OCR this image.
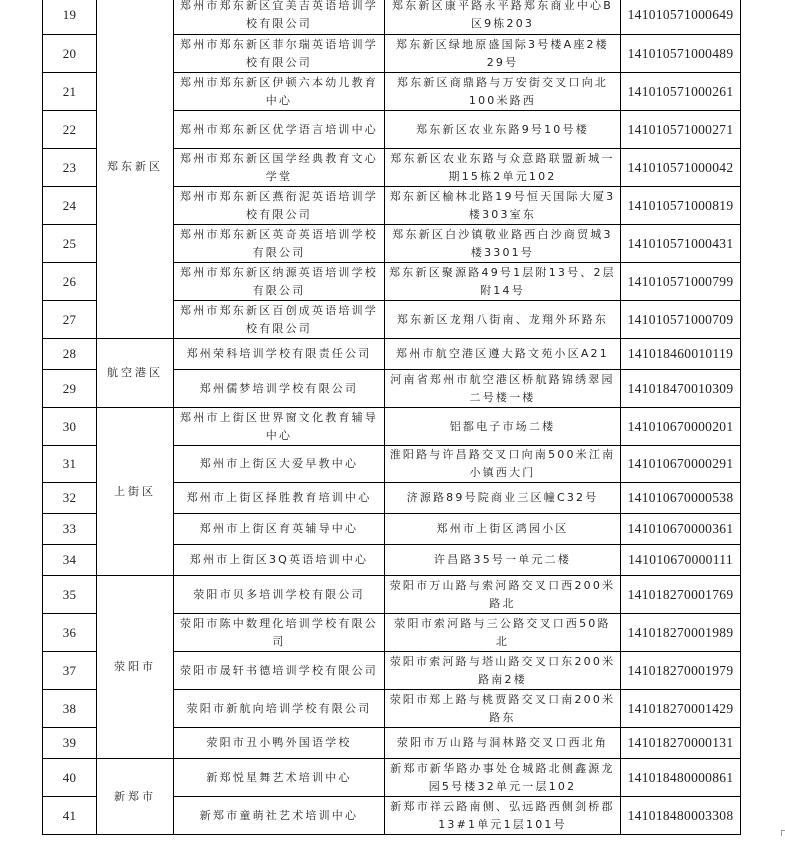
19	郑东新区	郑州市郑东新区宜美吉英语培训学校有限公司	郑东新区康平路永平路郑东商业中心B区9栋203	141010571000649
20		郑州市郑东新区菲尔瑞英语培训学校有限公司	郑东新区绿地原盛国际3号楼A座2楼29号	141010571000489
21		郑州市郑东新区伊顿六本幼儿教育中心	郑东新区商鼎路与万安街交叉口向北100米路西	141010571000261
22		郑州市郑东新区优学语言培训中心	郑东新区农业东路9号10号楼	141010571000271
23		郑州市郑东新区国学经典教育文心学堂	郑东新区农业东路与众意路联盟新城一期15栋2单元102	141010571000042
24		郑州市郑东新区燕衔泥英语培训学校有限公司	郑东新区榆林北路19号恒天国际大厦3楼303室东	141010571000819
25		郑州市郑东新区英奇英语培训学校有限公司	郑东新区白沙镇敬业路西白沙商贸城3楼3301号	141010571000431
26		郑州市郑东新区纳源英语培训学校有限公司	郑东新区聚源路49号1层附13号、2层附14号	141010571000799
27		郑州市郑东新区百创成英语培训学校有限公司	郑东新区龙翔八街南、龙翔外环路东	141010571000709
28	航空港区	郑州荣科培训学校有限责任公司	郑州市航空港区遵大路文苑小区A21	141018460010119
29		郑州儒梦培训学校有限公司	河南省郑州市航空港区桥航路锦绣翠园二号楼一楼	141018470010309
30	上街区	郑州市上街区世界窗文化教育辅导中心	铝都电子市场二楼	141010670000201
31		郑州市上街区大爱早教中心	淮阳路与许昌路交叉口向南500米江南小镇西大门	141010670000291
32		郑州市上街区择胜教育培训中心	济源路89号院商业三区幢C32号	141010670000538
33		郑州市上街区育英辅导中心	郑州市上街区鸿园小区	141010670000361
34		郑州市上街区3Q英语培训中心	许昌路35号一单元二楼	141010670000111
35	荥阳市	荥阳市贝多培训学校有限公司	荥阳市万山路与索河路交叉口西200米路北	141018270001769
36		荥阳市陈中数理化培训学校有限公司	荥阳市索河路与三公路交叉口西50路北	141018270001989
37		荥阳市晟轩书德培训学校有限公司	荥阳市索河路与塔山路交叉口东200米路南2楼	141018270001979
38		荥阳市新航向培训学校有限公司	荥阳市郑上路与桃贾路交叉口南200米路东	141018270001429
39		荥阳市丑小鸭外国语学校	荥阳市万山路与洞林路交叉口西北角	141018270000131
40	新郑市	新郑悦星舞艺术培训中心	新郑市新华路办事处仓城路北侧鑫源龙园5号楼32单元一层102	141018480000861
41		新郑市童萌社艺术培训中心	新郑市祥云路南侧、弘远路西侧剑桥郡13#1单元1层101号	141018480003308
